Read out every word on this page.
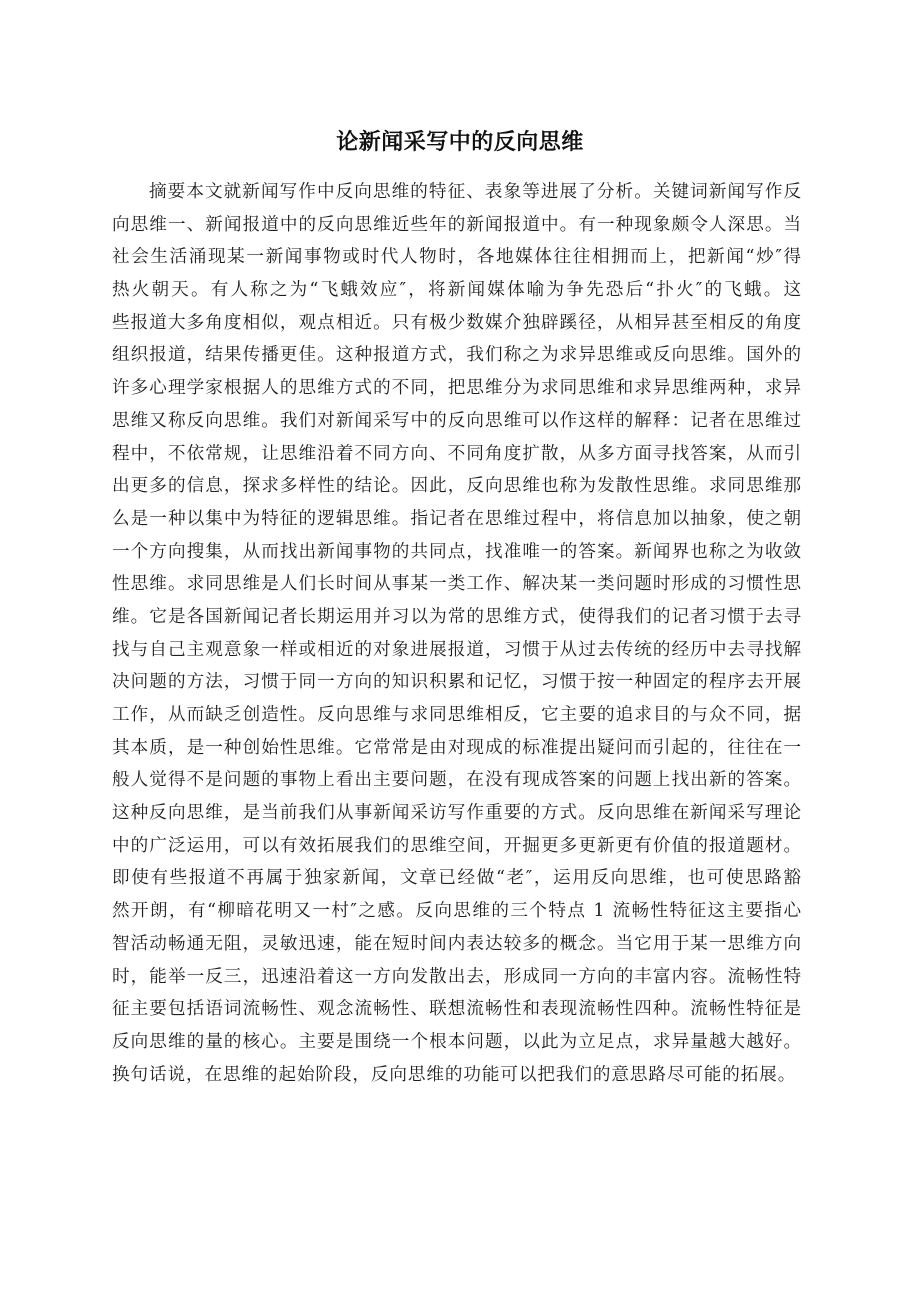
论新闻采写中的反向思维
摘要本文就新闻写作中反向思维的特征、表象等进展了分析。关键词新闻写作反
向思维一、新闻报道中的反向思维近些年的新闻报道中。有一种现象颇令人深思。当
社会生活涌现某一新闻事物或时代人物时，各地媒体往往相拥而上，把新闻“炒″得
热火朝天。有人称之为“飞蛾效应″，将新闻媒体喻为争先恐后“扑火″的飞蛾。这
些报道大多角度相似，观点相近。只有极少数媒介独辟蹊径，从相异甚至相反的角度
组织报道，结果传播更佳。这种报道方式，我们称之为求异思维或反向思维。国外的
许多心理学家根据人的思维方式的不同，把思维分为求同思维和求异思维两种，求异
思维又称反向思维。我们对新闻采写中的反向思维可以作这样的解释：记者在思维过
程中，不依常规，让思维沿着不同方向、不同角度扩散，从多方面寻找答案，从而引
出更多的信息，探求多样性的结论。因此，反向思维也称为发散性思维。求同思维那
么是一种以集中为特征的逻辑思维。指记者在思维过程中，将信息加以抽象，使之朝
一个方向搜集，从而找出新闻事物的共同点，找准唯一的答案。新闻界也称之为收敛
性思维。求同思维是人们长时间从事某一类工作、解决某一类问题时形成的习惯性思
维。它是各国新闻记者长期运用并习以为常的思维方式，使得我们的记者习惯于去寻
找与自己主观意象一样或相近的对象进展报道，习惯于从过去传统的经历中去寻找解
决问题的方法，习惯于同一方向的知识积累和记忆，习惯于按一种固定的程序去开展
工作，从而缺乏创造性。反向思维与求同思维相反，它主要的追求目的与众不同，据
其本质，是一种创始性思维。它常常是由对现成的标准提出疑问而引起的，往往在一
般人觉得不是问题的事物上看出主要问题，在没有现成答案的问题上找出新的答案。
这种反向思维，是当前我们从事新闻采访写作重要的方式。反向思维在新闻采写理论
中的广泛运用，可以有效拓展我们的思维空间，开掘更多更新更有价值的报道题材。
即使有些报道不再属于独家新闻，文章已经做“老″，运用反向思维，也可使思路豁
然开朗，有“柳暗花明又一村″之感。反向思维的三个特点 1 流畅性特征这主要指心
智活动畅通无阻，灵敏迅速，能在短时间内表达较多的概念。当它用于某一思维方向
时，能举一反三，迅速沿着这一方向发散出去，形成同一方向的丰富内容。流畅性特
征主要包括语词流畅性、观念流畅性、联想流畅性和表现流畅性四种。流畅性特征是
反向思维的量的核心。主要是围绕一个根本问题，以此为立足点，求异量越大越好。
换句话说，在思维的起始阶段，反向思维的功能可以把我们的意思路尽可能的拓展。
